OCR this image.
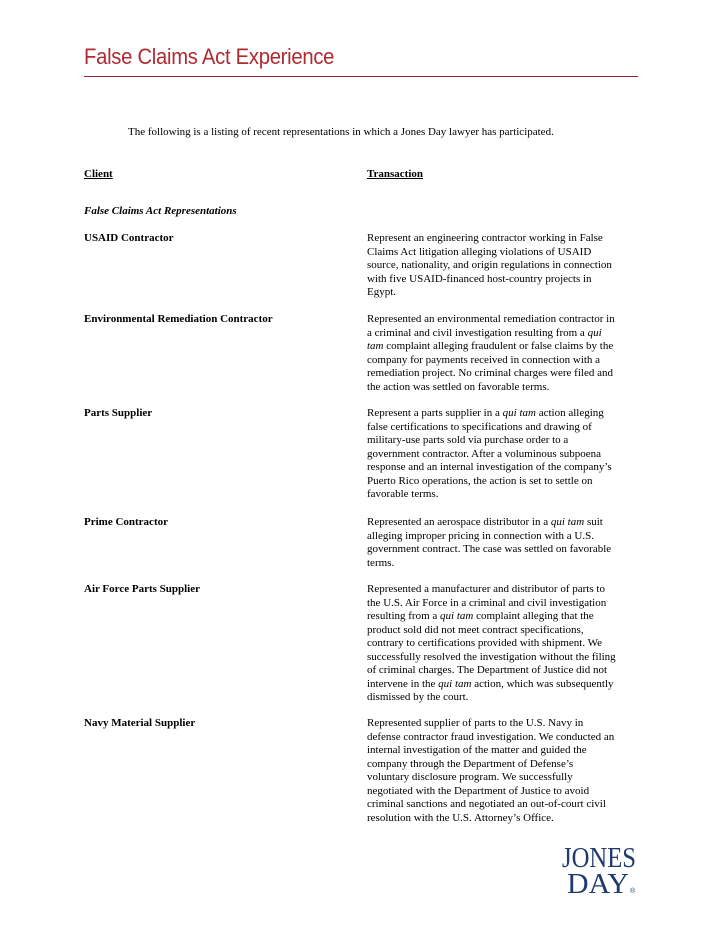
False Claims Act Experience
The following is a listing of recent representations in which a Jones Day lawyer has participated.
Client	Transaction
False Claims Act Representations
USAID Contractor	Represent an engineering contractor working in False
Claims Act litigation alleging violations of USAID
source, nationality, and origin regulations in connection
with five USAID-financed host-country projects in
Egypt.
Environmental Remediation Contractor	Represented an environmental remediation contractor in
a criminal and civil investigation resulting from a qui
tam complaint alleging fraudulent or false claims by the
company for payments received in connection with a
remediation project. No criminal charges were filed and
the action was settled on favorable terms.
Parts Supplier	Represent a parts supplier in a qui tam action alleging
false certifications to specifications and drawing of
military-use parts sold via purchase order to a
government contractor. After a voluminous subpoena
response and an internal investigation of the company’s
Puerto Rico operations, the action is set to settle on
favorable terms.
Prime Contractor	Represented an aerospace distributor in a qui tam suit
alleging improper pricing in connection with a U.S.
government contract. The case was settled on favorable
terms.
Air Force Parts Supplier	Represented a manufacturer and distributor of parts to
the U.S. Air Force in a criminal and civil investigation
resulting from a qui tam complaint alleging that the
product sold did not meet contract specifications,
contrary to certifications provided with shipment. We
successfully resolved the investigation without the filing
of criminal charges. The Department of Justice did not
intervene in the qui tam action, which was subsequently
dismissed by the court.
Navy Material Supplier	Represented supplier of parts to the U.S. Navy in
defense contractor fraud investigation. We conducted an
internal investigation of the matter and guided the
company through the Department of Defense’s
voluntary disclosure program. We successfully
negotiated with the Department of Justice to avoid
criminal sanctions and negotiated an out-of-court civil
resolution with the U.S. Attorney’s Office.
JONES
DAY ®
